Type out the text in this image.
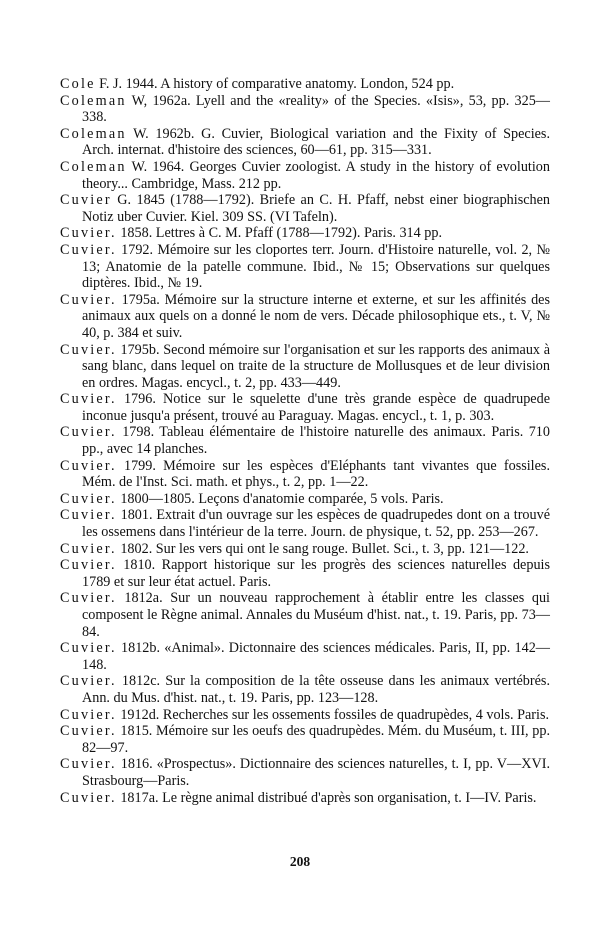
Cole F. J. 1944. A history of comparative anatomy. London, 524 pp.

Coleman W, 1962a. Lyell and the «reality» of the Species. «Isis», 53, pp. 325—338.

Coleman W. 1962b. G. Cuvier, Biological variation and the Fixity of Species. Arch. internat. d'histoire des sciences, 60—61, pp. 315—331.

Coleman W. 1964. Georges Cuvier zoologist. A study in the history of evolution theory... Cambridge, Mass. 212 pp.

Cuvier G. 1845 (1788—1792). Briefe an C. H. Pfaff, nebst einer biographischen Notiz uber Cuvier. Kiel. 309 SS. (VI Tafeln).

Cuvier. 1858. Lettres à C. M. Pfaff (1788—1792). Paris. 314 pp.

Cuvier. 1792. Mémoire sur les cloportes terr. Journ. d'Histoire naturelle, vol. 2, № 13; Anatomie de la patelle commune. Ibid., № 15; Observations sur quelques diptères. Ibid., № 19.

Cuvier. 1795a. Mémoire sur la structure interne et externe, et sur les affinités des animaux aux quels on a donné le nom de vers. Décade philosophique ets., t. V, № 40, p. 384 et suiv.

Cuvier. 1795b. Second mémoire sur l'organisation et sur les rapports des animaux à sang blanc, dans lequel on traite de la structure de Mollusques et de leur division en ordres. Magas. encycl., t. 2, pp. 433—449.

Cuvier. 1796. Notice sur le squelette d'une très grande espèce de quadrupede inconue jusqu'a présent, trouvé au Paraguay. Magas. encycl., t. 1, p. 303.

Cuvier. 1798. Tableau élémentaire de l'histoire naturelle des animaux. Paris. 710 pp., avec 14 planches.

Cuvier. 1799. Mémoire sur les espèces d'Eléphants tant vivantes que fossiles. Mém. de l'Inst. Sci. math. et phys., t. 2, pp. 1—22.

Cuvier. 1800—1805. Leçons d'anatomie comparée, 5 vols. Paris.

Cuvier. 1801. Extrait d'un ouvrage sur les espèces de quadrupedes dont on a trouvé les ossemens dans l'intérieur de la terre. Journ. de physique, t. 52, pp. 253—267.

Cuvier. 1802. Sur les vers qui ont le sang rouge. Bullet. Sci., t. 3, pp. 121—122.

Cuvier. 1810. Rapport historique sur les progrès des sciences naturelles depuis 1789 et sur leur état actuel. Paris.

Cuvier. 1812a. Sur un nouveau rapprochement à établir entre les classes qui composent le Règne animal. Annales du Muséum d'hist. nat., t. 19. Paris, pp. 73—84.

Cuvier. 1812b. «Animal». Dictonnaire des sciences médicales. Paris, II, pp. 142—148.

Cuvier. 1812c. Sur la composition de la tête osseuse dans les animaux vertébrés. Ann. du Mus. d'hist. nat., t. 19. Paris, pp. 123—128.

Cuvier. 1912d. Recherches sur les ossements fossiles de quadrupèdes, 4 vols. Paris.

Cuvier. 1815. Mémoire sur les oeufs des quadrupèdes. Mém. du Muséum, t. III, pp. 82—97.

Cuvier. 1816. «Prospectus». Dictionnaire des sciences naturelles, t. I, pp. V—XVI. Strasbourg—Paris.

Cuvier. 1817a. Le règne animal distribué d'après son organisation, t. I—IV. Paris.

208
